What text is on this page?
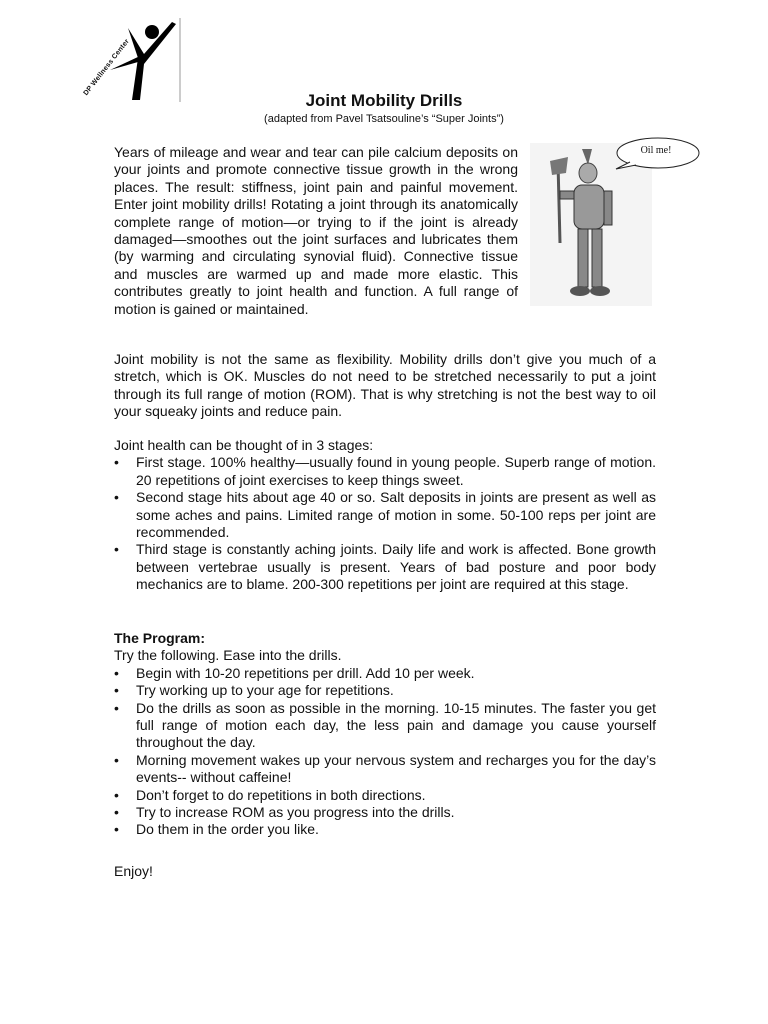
DP Wellness Center
Joint Mobility Drills
(adapted from Pavel Tsatsouline’s “Super Joints”)

Years of mileage and wear and tear can pile calcium deposits on your joints and promote connective tissue growth in the wrong places. The result: stiffness, joint pain and painful movement. Enter joint mobility drills! Rotating a joint through its anatomically complete range of motion—or trying to if the joint is already damaged—smoothes out the joint surfaces and lubricates them (by warming and circulating synovial fluid). Connective tissue and muscles are warmed up and made more elastic. This contributes greatly to joint health and function. A full range of motion is gained or maintained.

Oil me!

Joint mobility is not the same as flexibility. Mobility drills don’t give you much of a stretch, which is OK. Muscles do not need to be stretched necessarily to put a joint through its full range of motion (ROM). That is why stretching is not the best way to oil your squeaky joints and reduce pain.

Joint health can be thought of in 3 stages:

• First stage. 100% healthy—usually found in young people. Superb range of motion. 20 repetitions of joint exercises to keep things sweet.
• Second stage hits about age 40 or so. Salt deposits in joints are present as well as some aches and pains. Limited range of motion in some. 50-100 reps per joint are recommended.
• Third stage is constantly aching joints. Daily life and work is affected. Bone growth between vertebrae usually is present. Years of bad posture and poor body mechanics are to blame. 200-300 repetitions per joint are required at this stage.

The Program:

Try the following. Ease into the drills.

• Begin with 10-20 repetitions per drill. Add 10 per week.
• Try working up to your age for repetitions.
• Do the drills as soon as possible in the morning. 10-15 minutes. The faster you get full range of motion each day, the less pain and damage you cause yourself throughout the day.
• Morning movement wakes up your nervous system and recharges you for the day’s events-- without caffeine!
• Don’t forget to do repetitions in both directions.
• Try to increase ROM as you progress into the drills.
• Do them in the order you like.

Enjoy!
